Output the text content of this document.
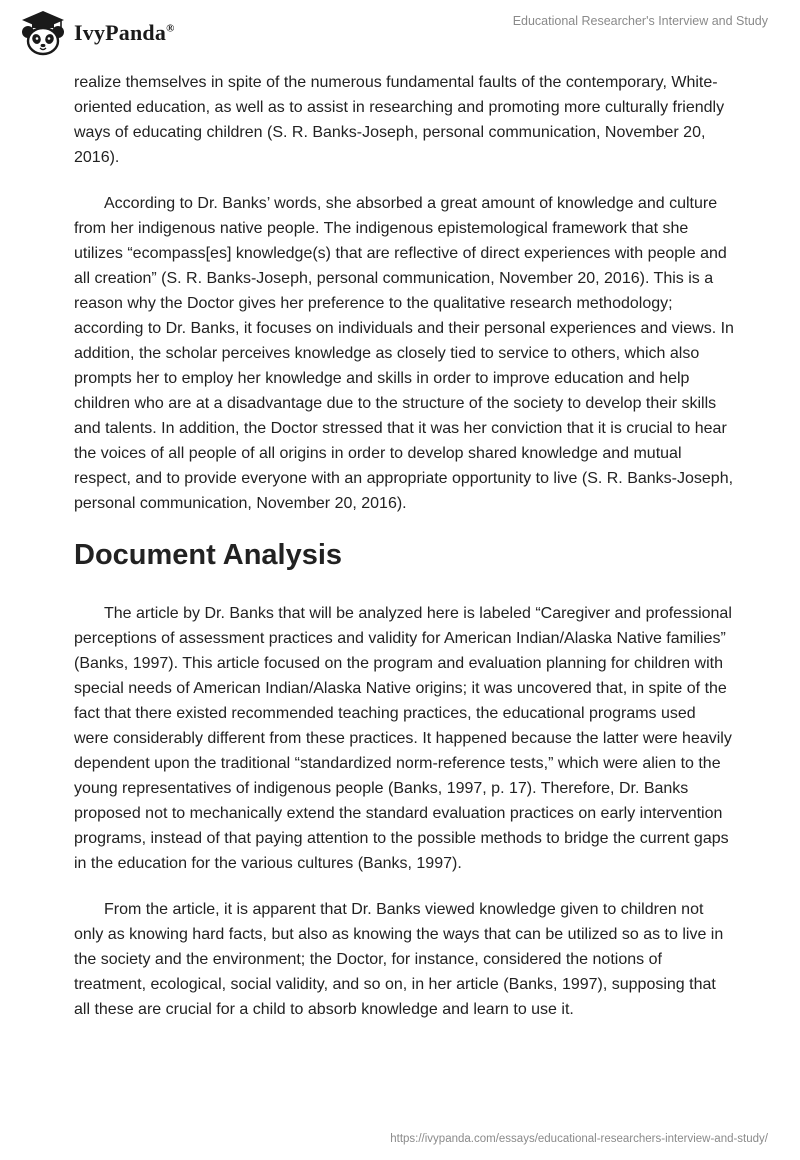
IvyPanda®
Educational Researcher's Interview and Study

realize themselves in spite of the numerous fundamental faults of the contemporary, White-oriented education, as well as to assist in researching and promoting more culturally friendly ways of educating children (S. R. Banks-Joseph, personal communication, November 20, 2016).

According to Dr. Banks’ words, she absorbed a great amount of knowledge and culture from her indigenous native people. The indigenous epistemological framework that she utilizes “ecompass[es] knowledge(s) that are reflective of direct experiences with people and all creation” (S. R. Banks-Joseph, personal communication, November 20, 2016). This is a reason why the Doctor gives her preference to the qualitative research methodology; according to Dr. Banks, it focuses on individuals and their personal experiences and views. In addition, the scholar perceives knowledge as closely tied to service to others, which also prompts her to employ her knowledge and skills in order to improve education and help children who are at a disadvantage due to the structure of the society to develop their skills and talents. In addition, the Doctor stressed that it was her conviction that it is crucial to hear the voices of all people of all origins in order to develop shared knowledge and mutual respect, and to provide everyone with an appropriate opportunity to live (S. R. Banks-Joseph, personal communication, November 20, 2016).

Document Analysis

The article by Dr. Banks that will be analyzed here is labeled “Caregiver and professional perceptions of assessment practices and validity for American Indian/Alaska Native families” (Banks, 1997). This article focused on the program and evaluation planning for children with special needs of American Indian/Alaska Native origins; it was uncovered that, in spite of the fact that there existed recommended teaching practices, the educational programs used were considerably different from these practices. It happened because the latter were heavily dependent upon the traditional “standardized norm-reference tests,” which were alien to the young representatives of indigenous people (Banks, 1997, p. 17). Therefore, Dr. Banks proposed not to mechanically extend the standard evaluation practices on early intervention programs, instead of that paying attention to the possible methods to bridge the current gaps in the education for the various cultures (Banks, 1997).

From the article, it is apparent that Dr. Banks viewed knowledge given to children not only as knowing hard facts, but also as knowing the ways that can be utilized so as to live in the society and the environment; the Doctor, for instance, considered the notions of treatment, ecological, social validity, and so on, in her article (Banks, 1997), supposing that all these are crucial for a child to absorb knowledge and learn to use it.

https://ivypanda.com/essays/educational-researchers-interview-and-study/
